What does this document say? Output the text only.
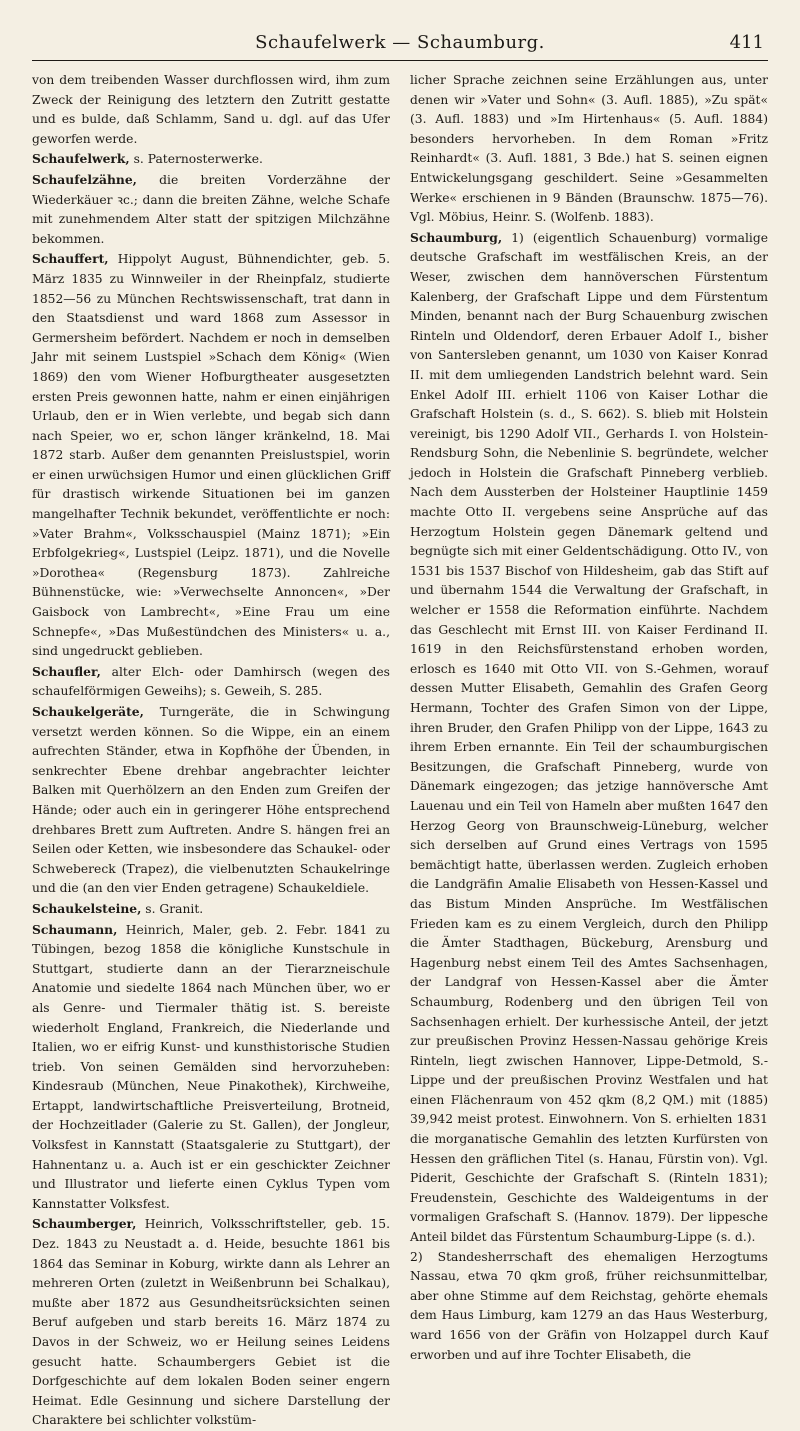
Schaufelwerk — Schaumburg.	411

von dem treibenden Wasser durchflossen wird, ihm zum Zweck der Reinigung des letztern den Zutritt gestatte und es bulde, daß Schlamm, Sand u. dgl. auf das Ufer geworfen werde.

Schaufelwerk, s. Paternosterwerke.

Schaufelzähne, die breiten Vorderzähne der Wiederkäuer ꝛc.; dann die breiten Zähne, welche Schafe mit zunehmendem Alter statt der spitzigen Milchzähne bekommen.

Schauffert, Hippolyt August, Bühnendichter, geb. 5. März 1835 zu Winnweiler in der Rheinpfalz, studierte 1852—56 zu München Rechtswissenschaft, trat dann in den Staatsdienst und ward 1868 zum Assessor in Germersheim befördert. Nachdem er noch in demselben Jahr mit seinem Lustspiel »Schach dem König« (Wien 1869) den vom Wiener Hofburgtheater ausgesetzten ersten Preis gewonnen hatte, nahm er einen einjährigen Urlaub, den er in Wien verlebte, und begab sich dann nach Speier, wo er, schon länger kränkelnd, 18. Mai 1872 starb. Außer dem genannten Preislustspiel, worin er einen urwüchsigen Humor und einen glücklichen Griff für drastisch wirkende Situationen bei im ganzen mangelhafter Technik bekundet, veröffentlichte er noch: »Vater Brahm«, Volksschauspiel (Mainz 1871); »Ein Erbfolgekrieg«, Lustspiel (Leipz. 1871), und die Novelle »Dorothea« (Regensburg 1873). Zahlreiche Bühnenstücke, wie: »Verwechselte Annoncen«, »Der Gaisbock von Lambrecht«, »Eine Frau um eine Schnepfe«, »Das Mußestündchen des Ministers« u. a., sind ungedruckt geblieben.

Schaufler, alter Elch- oder Damhirsch (wegen des schaufelförmigen Geweihs); s. Geweih, S. 285.

Schaukelgeräte, Turngeräte, die in Schwingung versetzt werden können. So die Wippe, ein an einem aufrechten Ständer, etwa in Kopfhöhe der Übenden, in senkrechter Ebene drehbar angebrachter leichter Balken mit Querhölzern an den Enden zum Greifen der Hände; oder auch ein in geringerer Höhe entsprechend drehbares Brett zum Auftreten. Andre S. hängen frei an Seilen oder Ketten, wie insbesondere das Schaukel- oder Schwebereck (Trapez), die vielbenutzten Schaukelringe und die (an den vier Enden getragene) Schaukeldiele.

Schaukelsteine, s. Granit.

Schaumann, Heinrich, Maler, geb. 2. Febr. 1841 zu Tübingen, bezog 1858 die königliche Kunstschule in Stuttgart, studierte dann an der Tierarzneischule Anatomie und siedelte 1864 nach München über, wo er als Genre- und Tiermaler thätig ist. S. bereiste wiederholt England, Frankreich, die Niederlande und Italien, wo er eifrig Kunst- und kunsthistorische Studien trieb. Von seinen Gemälden sind hervorzuheben: Kindesraub (München, Neue Pinakothek), Kirchweihe, Ertappt, landwirtschaftliche Preisverteilung, Brotneid, der Hochzeitlader (Galerie zu St. Gallen), der Jongleur, Volksfest in Kannstatt (Staatsgalerie zu Stuttgart), der Hahnentanz u. a. Auch ist er ein geschickter Zeichner und Illustrator und lieferte einen Cyklus Typen vom Kannstatter Volksfest.

Schaumberger, Heinrich, Volksschriftsteller, geb. 15. Dez. 1843 zu Neustadt a. d. Heide, besuchte 1861 bis 1864 das Seminar in Koburg, wirkte dann als Lehrer an mehreren Orten (zuletzt in Weißenbrunn bei Schalkau), mußte aber 1872 aus Gesundheitsrücksichten seinen Beruf aufgeben und starb bereits 16. März 1874 zu Davos in der Schweiz, wo er Heilung seines Leidens gesucht hatte. Schaumbergers Gebiet ist die Dorfgeschichte auf dem lokalen Boden seiner engern Heimat. Edle Gesinnung und sichere Darstellung der Charaktere bei schlichter volkstüm-

licher Sprache zeichnen seine Erzählungen aus, unter denen wir »Vater und Sohn« (3. Aufl. 1885), »Zu spät« (3. Aufl. 1883) und »Im Hirtenhaus« (5. Aufl. 1884) besonders hervorheben. In dem Roman »Fritz Reinhardt« (3. Aufl. 1881, 3 Bde.) hat S. seinen eignen Entwickelungsgang geschildert. Seine »Gesammelten Werke« erschienen in 9 Bänden (Braunschw. 1875—76). Vgl. Möbius, Heinr. S. (Wolfenb. 1883).

Schaumburg, 1) (eigentlich Schauenburg) vormalige deutsche Grafschaft im westfälischen Kreis, an der Weser, zwischen dem hannöverschen Fürstentum Kalenberg, der Grafschaft Lippe und dem Fürstentum Minden, benannt nach der Burg Schauenburg zwischen Rinteln und Oldendorf, deren Erbauer Adolf I., bisher von Santersleben genannt, um 1030 von Kaiser Konrad II. mit dem umliegenden Landstrich belehnt ward. Sein Enkel Adolf III. erhielt 1106 von Kaiser Lothar die Grafschaft Holstein (s. d., S. 662). S. blieb mit Holstein vereinigt, bis 1290 Adolf VII., Gerhards I. von Holstein-Rendsburg Sohn, die Nebenlinie S. begründete, welcher jedoch in Holstein die Grafschaft Pinneberg verblieb. Nach dem Aussterben der Holsteiner Hauptlinie 1459 machte Otto II. vergebens seine Ansprüche auf das Herzogtum Holstein gegen Dänemark geltend und begnügte sich mit einer Geldentschädigung. Otto IV., von 1531 bis 1537 Bischof von Hildesheim, gab das Stift auf und übernahm 1544 die Verwaltung der Grafschaft, in welcher er 1558 die Reformation einführte. Nachdem das Geschlecht mit Ernst III. von Kaiser Ferdinand II. 1619 in den Reichsfürstenstand erhoben worden, erlosch es 1640 mit Otto VII. von S.-Gehmen, worauf dessen Mutter Elisabeth, Gemahlin des Grafen Georg Hermann, Tochter des Grafen Simon von der Lippe, ihren Bruder, den Grafen Philipp von der Lippe, 1643 zu ihrem Erben ernannte. Ein Teil der schaumburgischen Besitzungen, die Grafschaft Pinneberg, wurde von Dänemark eingezogen; das jetzige hannöversche Amt Lauenau und ein Teil von Hameln aber mußten 1647 den Herzog Georg von Braunschweig-Lüneburg, welcher sich derselben auf Grund eines Vertrags von 1595 bemächtigt hatte, überlassen werden. Zugleich erhoben die Landgräfin Amalie Elisabeth von Hessen-Kassel und das Bistum Minden Ansprüche. Im Westfälischen Frieden kam es zu einem Vergleich, durch den Philipp die Ämter Stadthagen, Bückeburg, Arensburg und Hagenburg nebst einem Teil des Amtes Sachsenhagen, der Landgraf von Hessen-Kassel aber die Ämter Schaumburg, Rodenberg und den übrigen Teil von Sachsenhagen erhielt. Der kurhessische Anteil, der jetzt zur preußischen Provinz Hessen-Nassau gehörige Kreis Rinteln, liegt zwischen Hannover, Lippe-Detmold, S.-Lippe und der preußischen Provinz Westfalen und hat einen Flächenraum von 452 qkm (8,2 QM.) mit (1885) 39,942 meist protest. Einwohnern. Von S. erhielten 1831 die morganatische Gemahlin des letzten Kurfürsten von Hessen den gräflichen Titel (s. Hanau, Fürstin von). Vgl. Piderit, Geschichte der Grafschaft S. (Rinteln 1831); Freudenstein, Geschichte des Waldeigentums in der vormaligen Grafschaft S. (Hannov. 1879). Der lippesche Anteil bildet das Fürstentum Schaumburg-Lippe (s. d.).

2) Standesherrschaft des ehemaligen Herzogtums Nassau, etwa 70 qkm groß, früher reichsunmittelbar, aber ohne Stimme auf dem Reichstag, gehörte ehemals dem Haus Limburg, kam 1279 an das Haus Westerburg, ward 1656 von der Gräfin von Holzappel durch Kauf erworben und auf ihre Tochter Elisabeth, die
